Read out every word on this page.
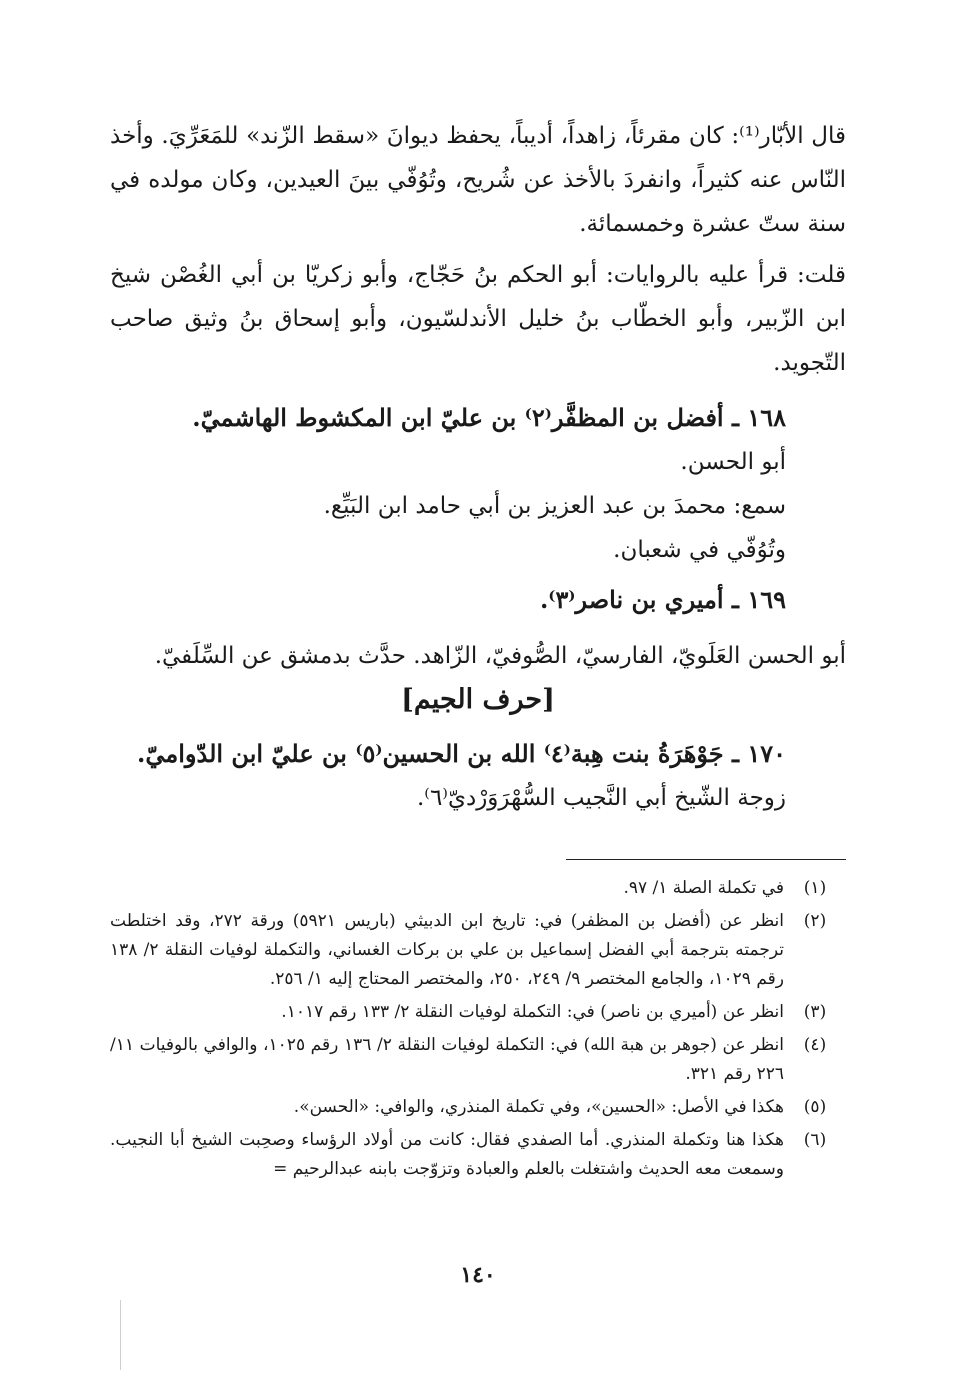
قال الأبّار⁽¹⁾: كان مقرئاً، زاهداً، أديباً، يحفظ ديوانَ «سقط الزّند» للمَعَرِّيَ. وأخذ النّاس عنه كثيراً، وانفردَ بالأخذ عن شُريح، وتُوُفّي بينَ العيدين، وكان مولده في سنة ستّ عشرة وخمسمائة.
قلت: قرأ عليه بالروايات: أبو الحكم بنُ حَجّاج، وأبو زكريّا بن أبي الغُصْن شيخ ابن الزّبير، وأبو الخطّاب بنُ خليل الأندلسّيون، وأبو إسحاق بنُ وثيق صاحب التّجويد.
١٦٨ ـ أفضل بن المظفَّر⁽٢⁾ بن عليّ ابن المكشوط الهاشميّ.
أبو الحسن.
سمع: محمدَ بن عبد العزيز بن أبي حامد ابن البَيِّع.
وتُوُفّي في شعبان.
١٦٩ ـ أميري بن ناصر⁽٣⁾.
أبو الحسن العَلَويّ، الفارسيّ، الصُّوفيّ، الزّاهد. حدَّث بدمشق عن السِّلَفيّ.
[حرف الجيم]
١٧٠ ـ جَوْهَرَةُ بنت هِبة⁽٤⁾ الله بن الحسين⁽٥⁾ بن عليّ ابن الدّواميّ.
زوجة الشّيخ أبي النَّجيب السُّهْرَوَرْديّ⁽٦⁾.
(١)
في تكملة الصلة ١/ ٩٧.
(٢)
انظر عن (أفضل بن المظفر) في: تاريخ ابن الدبيثي (باريس ٥٩٢١) ورقة ٢٧٢، وقد اختلطت ترجمته بترجمة أبي الفضل إسماعيل بن علي بن بركات الغساني، والتكملة لوفيات النقلة ٢/ ١٣٨ رقم ١٠٢٩، والجامع المختصر ٩/ ٢٤٩، ٢٥٠، والمختصر المحتاج إليه ١/ ٢٥٦.
(٣)
انظر عن (أميري بن ناصر) في: التكملة لوفيات النقلة ٢/ ١٣٣ رقم ١٠١٧.
(٤)
انظر عن (جوهر بن هبة الله) في: التكملة لوفيات النقلة ٢/ ١٣٦ رقم ١٠٢٥، والوافي بالوفيات ١١/ ٢٢٦ رقم ٣٢١.
(٥)
هكذا في الأصل: «الحسين»، وفي تكملة المنذري، والوافي: «الحسن».
(٦)
هكذا هنا وتكملة المنذري. أما الصفدي فقال: كانت من أولاد الرؤساء وصحِبت الشيخ أبا النجيب. وسمعت معه الحديث واشتغلت بالعلم والعبادة وتزوّجت بابنه عبدالرحيم =
١٤٠
